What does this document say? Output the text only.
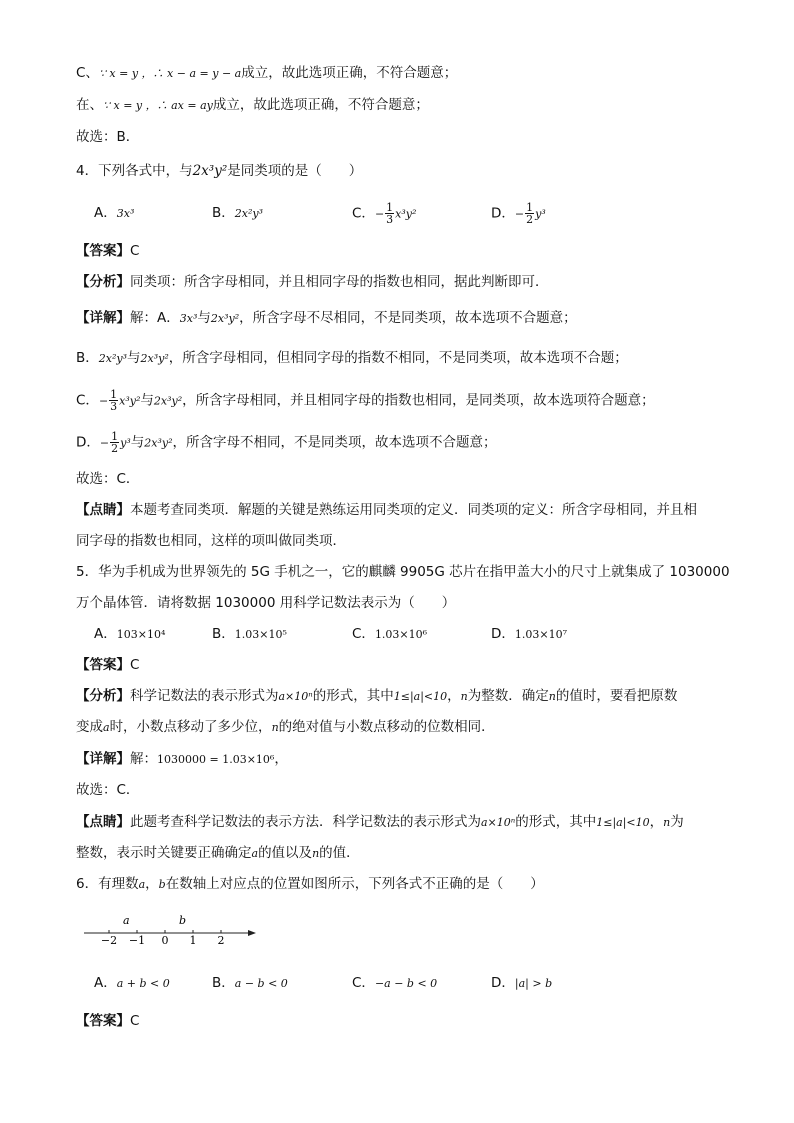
C、∵ x = y ，∴ x − a = y − a成立，故此选项正确，不符合题意；
在、∵ x = y ，∴ ax = ay成立，故此选项正确，不符合题意；
故选：B．
4．下列各式中，与2x³y²是同类项的是（　　）
A．3x³	B．2x²y³	C．− $\frac{1}{3} x^3y^2$	D．− $\frac{1}{2} y^3$
【答案】C
【分析】同类项：所含字母相同，并且相同字母的指数也相同，据此判断即可．
【详解】解：A．3x³与2x³y²，所含字母不尽相同，不是同类项，故本选项不合题意；
B．2x²y³与2x³y²，所含字母相同，但相同字母的指数不相同，不是同类项，故本选项不合题；
C．− $\frac{1}{3} x^3y^2$与2x³y²，所含字母相同，并且相同字母的指数也相同，是同类项，故本选项符合题意；
D．− $\frac{1}{2} y^3$与2x³y²，所含字母不相同，不是同类项，故本选项不合题意；
故选：C．
【点睛】本题考查同类项．解题的关键是熟练运用同类项的定义．同类项的定义：所含字母相同，并且相
同字母的指数也相同，这样的项叫做同类项．
5．华为手机成为世界领先的 5G 手机之一，它的麒麟 9905G 芯片在指甲盖大小的尺寸上就集成了 1030000
万个晶体管．请将数据 1030000 用科学记数法表示为（　　）
A．103×10⁴	B．1.03×10⁵	C．1.03×10⁶	D．1.03×10⁷
【答案】C
【分析】科学记数法的表示形式为a×10ⁿ的形式，其中1≤|a|<10，n为整数．确定n的值时，要看把原数
变成a时，小数点移动了多少位，n的绝对值与小数点移动的位数相同．
【详解】解：1030000 = 1.03×10⁶，
故选：C．
【点睛】此题考查科学记数法的表示方法．科学记数法的表示形式为a×10ⁿ的形式，其中1≤|a|<10，n为
整数，表示时关键要正确确定a的值以及n的值．
6．有理数a，b在数轴上对应点的位置如图所示，下列各式不正确的是（　　）
−2 −1 0 1 2
a	b
A．a + b < 0	B．a − b < 0	C．−a − b < 0	D．|a| > b
【答案】C
